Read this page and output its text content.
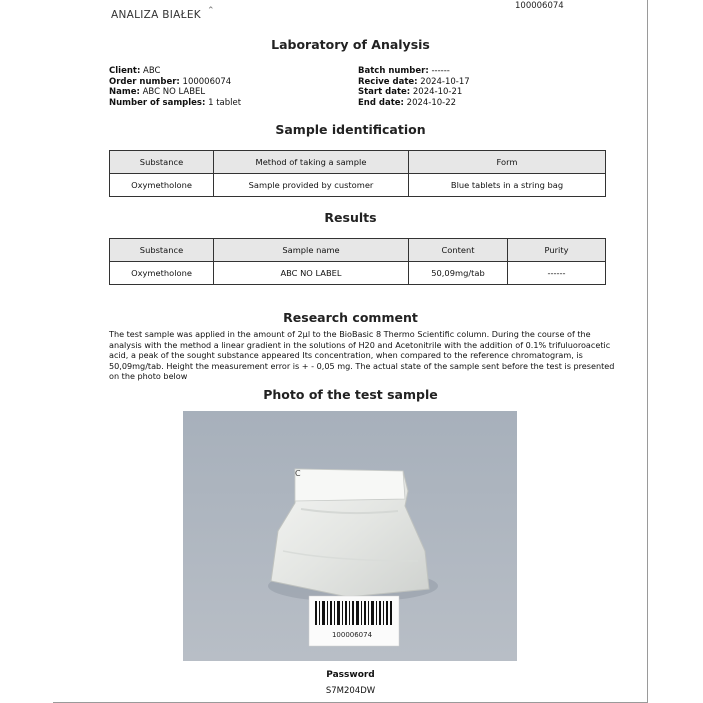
⌃
ANALIZA BIAŁEK
100006074
Laboratory of Analysis
Client: ABC
Order number: 100006074
Name: ABC NO LABEL
Number of samples: 1 tablet
Batch number: ------
Recive date: 2024-10-17
Start date: 2024-10-21
End date: 2024-10-22
Sample identification
Substance	Method of taking a sample	Form
Oxymetholone	Sample provided by customer	Blue tablets in a string bag
Results
Substance	Sample name	Content	Purity
Oxymetholone	ABC NO LABEL	50,09mg/tab	------
Research comment
The test sample was applied in the amount of 2µl to the BioBasic 8 Thermo Scientific column. During the course of the analysis with the method a linear gradient in the solutions of H20 and Acetonitrile with the addition of 0.1% trifuluoroacetic acid, a peak of the sought substance appeared Its concentration, when compared to the reference chromatogram, is 50,09mg/tab. Height the measurement error is + - 0,05 mg. The actual state of the sample sent before the test is presented on the photo below
Photo of the test sample
C
100006074
Password
S7M204DW
